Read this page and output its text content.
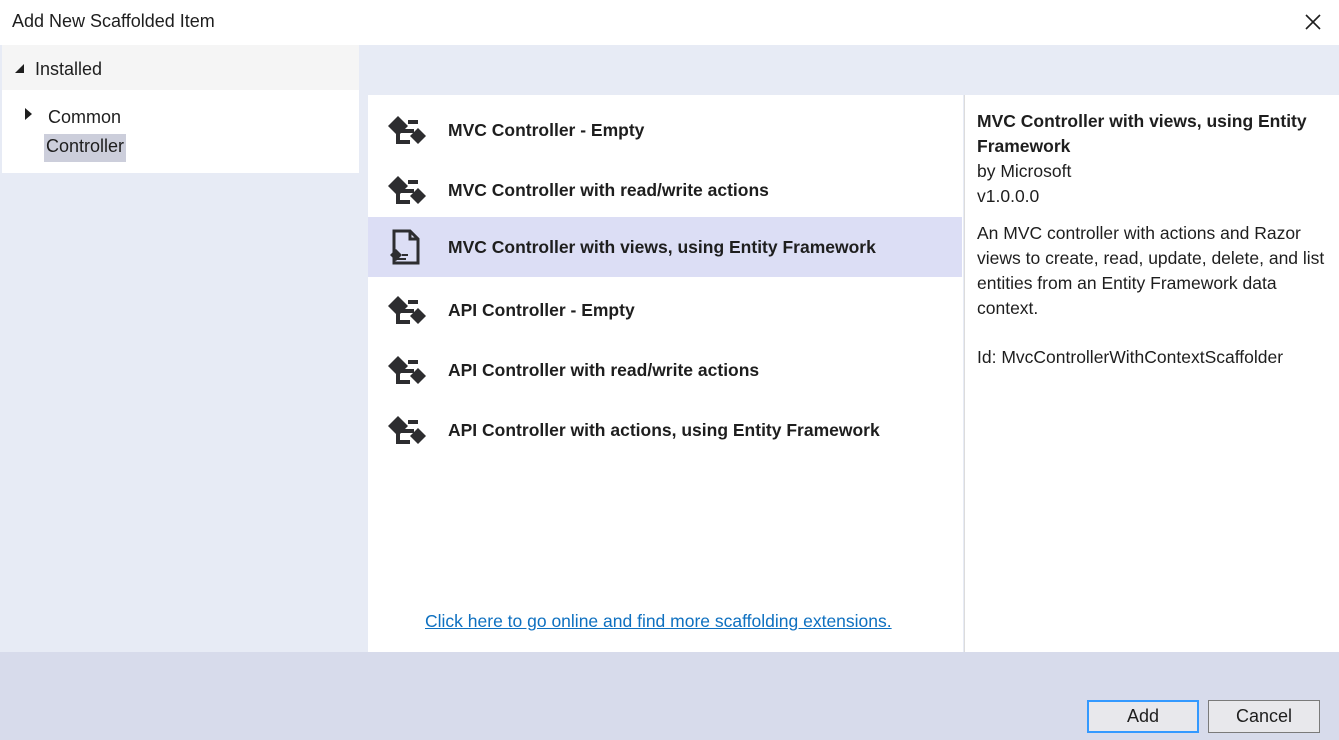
Add New Scaffolded Item
Installed
Common
Controller
MVC Controller - Empty
MVC Controller with read/write actions
MVC Controller with views, using Entity Framework
API Controller - Empty
API Controller with read/write actions
API Controller with actions, using Entity Framework
Click here to go online and find more scaffolding extensions.
MVC Controller with views, using Entity Framework
by Microsoft
v1.0.0.0
An MVC controller with actions and Razor views to create, read, update, delete, and list entities from an Entity Framework data context.
Id: MvcControllerWithContextScaffolder
Add	Cancel
